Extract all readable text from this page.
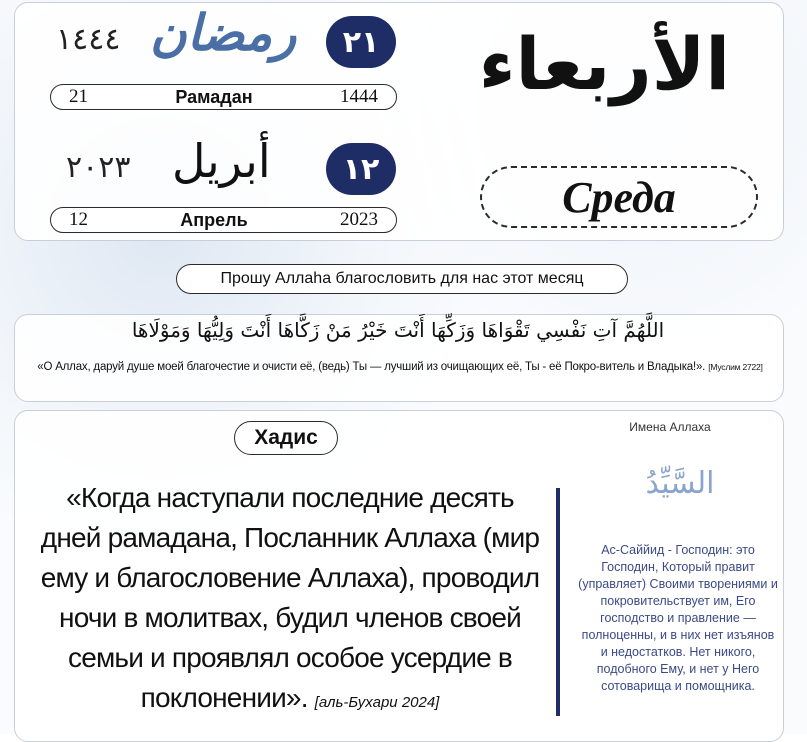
١٤٤٤ رمضان	٢١
21	Рамадан	1444
٢٠٢٣ أبريل	١٢
12	Апрель	2023
الأربعاء
Среда
Прошу Аллаhа благословить для нас этот месяц
اللَّهُمَّ آتِ نَفْسِي تَقْوَاهَا وَزَكِّهَا أَنْتَ خَيْرُ مَنْ زَكَّاهَا أَنْتَ وَلِيُّهَا وَمَوْلَاهَا
«О Аллах, даруй душе моей благочестие и очисти её, (ведь) Ты — лучший из очищающих её, Ты - её Покро-витель и Владыка!». [Муслим 2722]
Хадис
«Когда наступали последние десять дней рамадана, Посланник Аллаха (мир ему и благословение Аллаха), проводил ночи в молитвах, будил членов своей семьи и проявлял особое усердие в поклонении». [аль-Бухари 2024]
Имена Аллаха
السَّيِّدُ
Ас-Саййид - Господин: это Господин, Который правит (управляет) Своими творениями и покровительствует им, Его господство и правление — полноценны, и в них нет изъянов и недостатков. Нет никого, подобного Ему, и нет у Него сотоварища и помощника.
